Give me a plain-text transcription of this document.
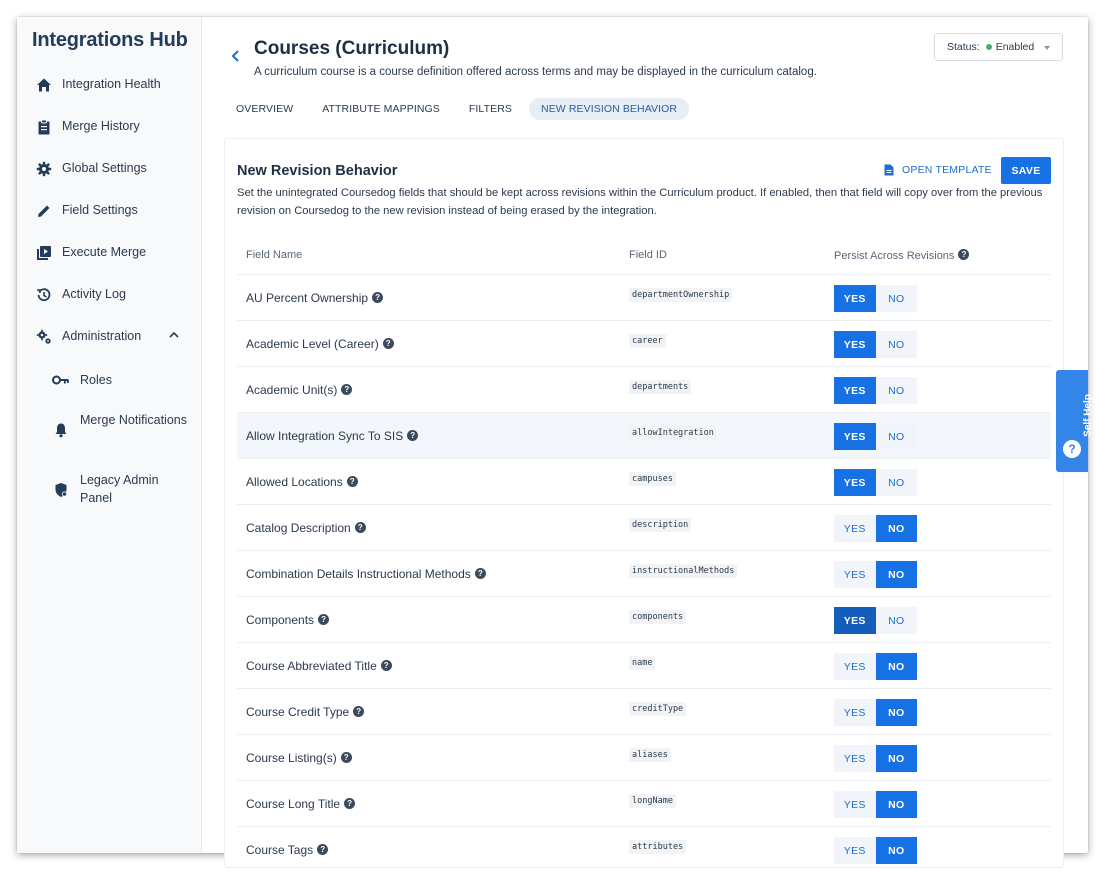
Integrations Hub
Integration Health
Merge History
Global Settings
Field Settings
Execute Merge
Activity Log
Administration
Roles
Merge Notifications
Legacy Admin Panel
Courses (Curriculum)
A curriculum course is a course definition offered across terms and may be displayed in the curriculum catalog.
Status: Enabled
OVERVIEW	ATTRIBUTE MAPPINGS	FILTERS	NEW REVISION BEHAVIOR
New Revision Behavior	OPEN TEMPLATE	SAVE
Set the unintegrated Coursedog fields that should be kept across revisions within the Curriculum product. If enabled, then that field will copy over from the previous revision on Coursedog to the new revision instead of being erased by the integration.
Field Name	Field ID	Persist Across Revisions ?
AU Percent Ownership ?	departmentOwnership	YES	NO
Academic Level (Career) ?	career	YES	NO
Academic Unit(s) ?	departments	YES	NO
Allow Integration Sync To SIS ?	allowIntegration	YES	NO
Allowed Locations ?	campuses	YES	NO
Catalog Description ?	description	YES	NO
Combination Details Instructional Methods ?	instructionalMethods	YES	NO
Components ?	components	YES	NO
Course Abbreviated Title ?	name	YES	NO
Course Credit Type ?	creditType	YES	NO
Course Listing(s) ?	aliases	YES	NO
Course Long Title ?	longName	YES	NO
Course Tags ?	attributes	YES	NO
Self Help
?
